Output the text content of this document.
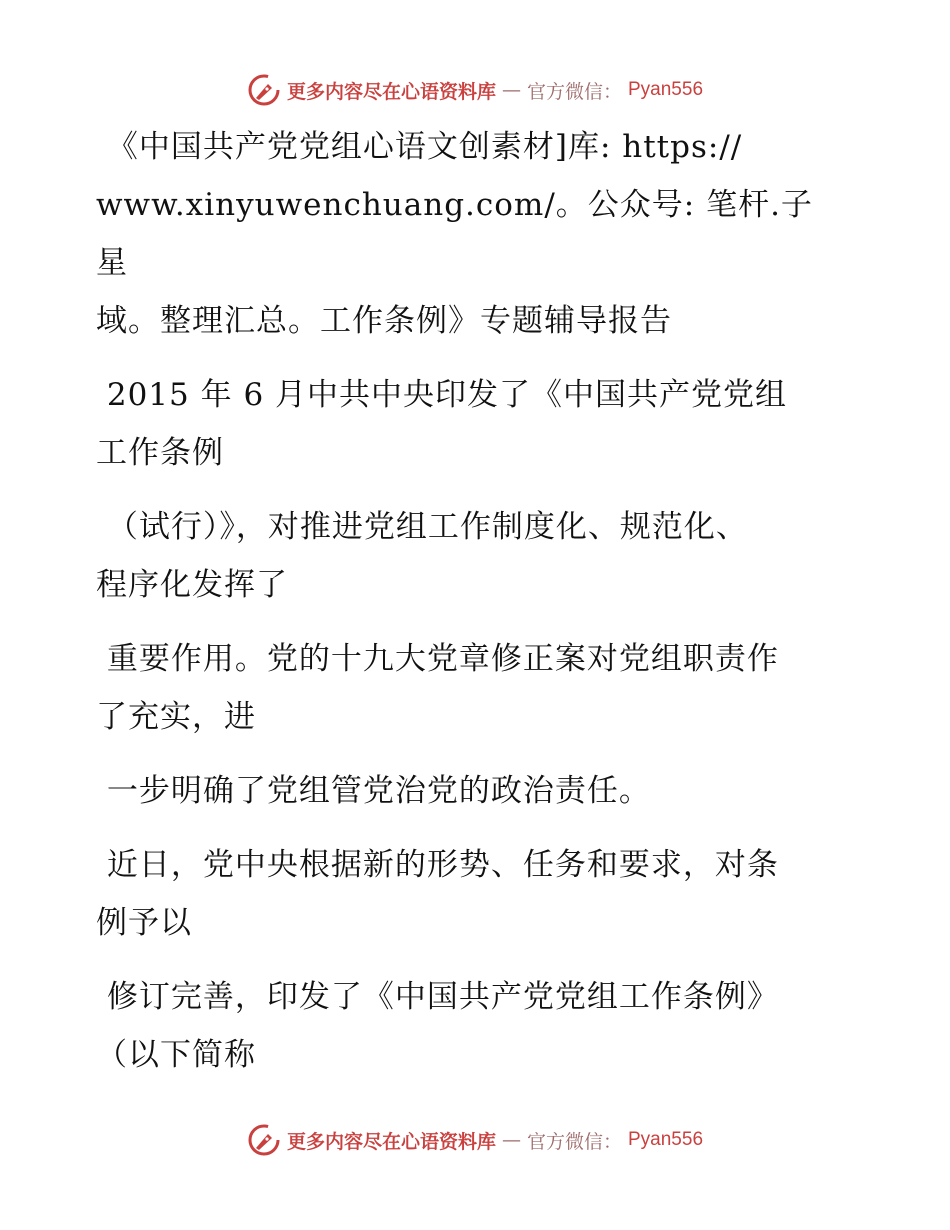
更多内容尽在心语资料库 — 官方微信： Pyan556

《中国共产党党组心语文创素材]库: https://
www.xinyuwenchuang.com/。公众号: 笔杆.子星
域。整理汇总。工作条例》专题辅导报告

2015 年 6 月中共中央印发了《中国共产党党组
工作条例

（试行）》，对推进党组工作制度化、规范化、
程序化发挥了

重要作用。党的十九大党章修正案对党组职责作
了充实，进

一步明确了党组管党治党的政治责任。

近日，党中央根据新的形势、任务和要求，对条
例予以

修订完善，印发了《中国共产党党组工作条例》
（以下简称

更多内容尽在心语资料库 — 官方微信： Pyan556
